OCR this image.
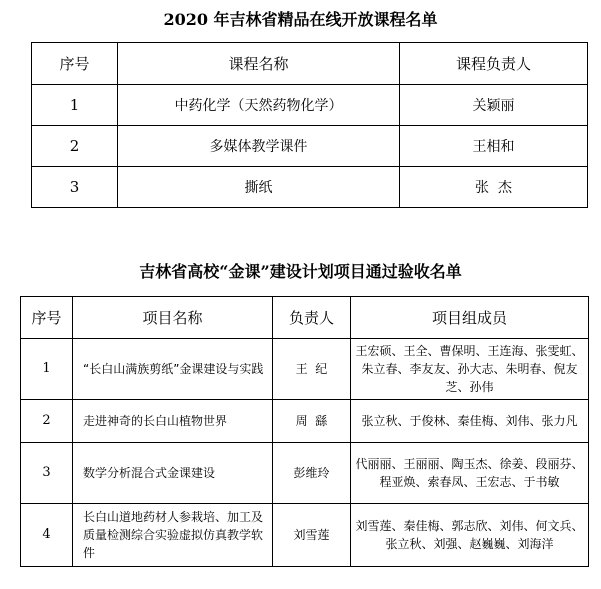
2020 年吉林省精品在线开放课程名单
序号	课程名称	课程负责人
1	中药化学（天然药物化学）	关颖丽
2	多媒体教学课件	王相和
3	撕纸	张  杰
吉林省高校“金课”建设计划项目通过验收名单
序号	项目名称	负责人	项目组成员
1	“长白山满族剪纸”金课建设与实践	王  纪	王宏硕、王全、曹保明、王连海、张雯虹、朱立春、李友友、孙大志、朱明春、倪友芝、孙伟
2	走进神奇的长白山植物世界	周  繇	张立秋、于俊林、秦佳梅、刘伟、张力凡
3	数学分析混合式金课建设	彭维玲	代丽丽、王丽丽、陶玉杰、徐姜、段丽芬、程亚焕、索春凤、王宏志、于书敏
4	长白山道地药材人参栽培、加工及质量检测综合实验虚拟仿真教学软件	刘雪莲	刘雪莲、秦佳梅、郭志欣、刘伟、何文兵、张立秋、刘强、赵巍巍、刘海洋
